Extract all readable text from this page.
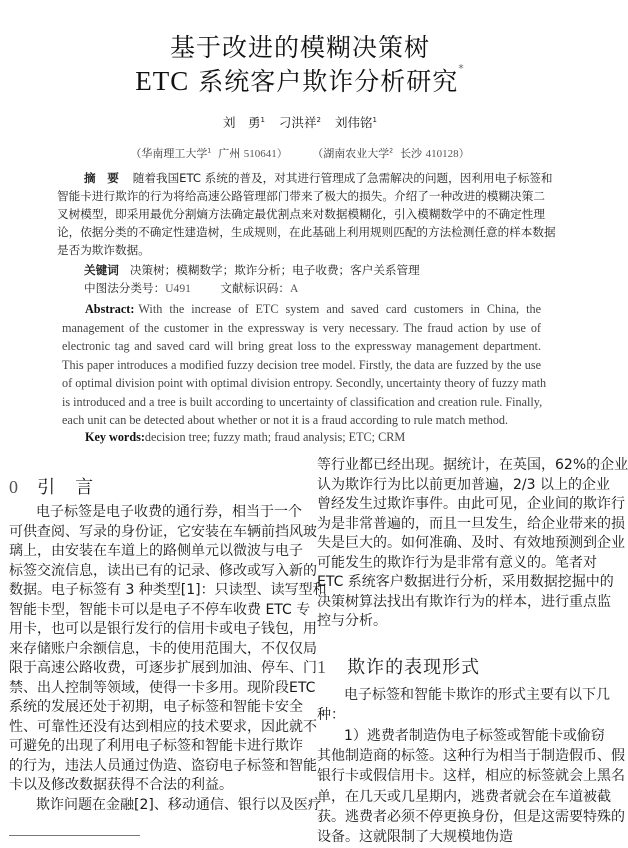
基于改进的模糊决策树
ETC 系统客户欺诈分析研究*
刘　勇$^1$ 刁洪祥$^2$ 刘伟铭$^1$
（华南理工大学$^1$ 广州 510641） （湖南农业大学$^2$ 长沙 410128）
摘　要 随着我国ETC 系统的普及，对其进行管理成了急需解决的问题，因利用电子标签和
智能卡进行欺诈的行为将给高速公路管理部门带来了极大的损失。介绍了一种改进的模糊决策二
叉树模型，即采用最优分割熵方法确定最优割点来对数据模糊化，引入模糊数学中的不确定性理
论，依据分类的不确定性建造树，生成规则，在此基础上利用规则匹配的方法检测任意的样本数据
是否为欺诈数据。
关键词 决策树；模糊数学；欺诈分析；电子收费；客户关系管理
中图法分类号：U491	文献标识码：A
Abstract: With the increase of ETC system and saved card customers in China, the
management of the customer in the expressway is very necessary. The fraud action by use of
electronic tag and saved card will bring great loss to the expressway management department.
This paper introduces a modified fuzzy decision tree model. Firstly, the data are fuzzed by the use
of optimal division point with optimal division entropy. Secondly, uncertainty theory of fuzzy math
is introduced and a tree is built according to uncertainty of classification and creation rule. Finally,
each unit can be detected about whether or not it is a fraud according to rule match method.
Key words:decision tree; fuzzy math; fraud analysis; ETC; CRM
0 引　言
电子标签是电子收费的通行券，相当于一个
可供查阅、写录的身份证，它安装在车辆前挡风玻
璃上，由安装在车道上的路侧单元以微波与电子
标签交流信息，读出已有的记录、修改或写入新的
数据。电子标签有 3 种类型[1]：只读型、读写型和
智能卡型，智能卡可以是电子不停车收费 ETC 专
用卡，也可以是银行发行的信用卡或电子钱包，用
来存储账户余额信息，卡的使用范围大，不仅仅局
限于高速公路收费，可逐步扩展到加油、停车、门
禁、出人控制等领域，使得一卡多用。现阶段ETC
系统的发展还处于初期，电子标签和智能卡安全
性、可靠性还没有达到相应的技术要求，因此就不
可避免的出现了利用电子标签和智能卡进行欺诈
的行为，违法人员通过伪造、盗窃电子标签和智能
卡以及修改数据获得不合法的利益。
欺诈问题在金融[2]、移动通信、银行以及医疗
等行业都已经出现。据统计，在英国，62%的企业
认为欺诈行为比以前更加普遍，2/3 以上的企业
曾经发生过欺诈事件。由此可见，企业间的欺诈行
为是非常普遍的，而且一旦发生，给企业带来的损
失是巨大的。如何准确、及时、有效地预测到企业
可能发生的欺诈行为是非常有意义的。笔者对
ETC 系统客户数据进行分析，采用数据挖掘中的
决策树算法找出有欺诈行为的样本，进行重点监
控与分析。
1 欺诈的表现形式
电子标签和智能卡欺诈的形式主要有以下几
种：
1）逃费者制造伪电子标签或智能卡或偷窃
其他制造商的标签。这种行为相当于制造假币、假
银行卡或假信用卡。这样，相应的标签就会上黑名
单，在几天或几星期内，逃费者就会在车道被截
获。逃费者必须不停更换身份，但是这需要特殊的
设备。这就限制了大规模地伪造
